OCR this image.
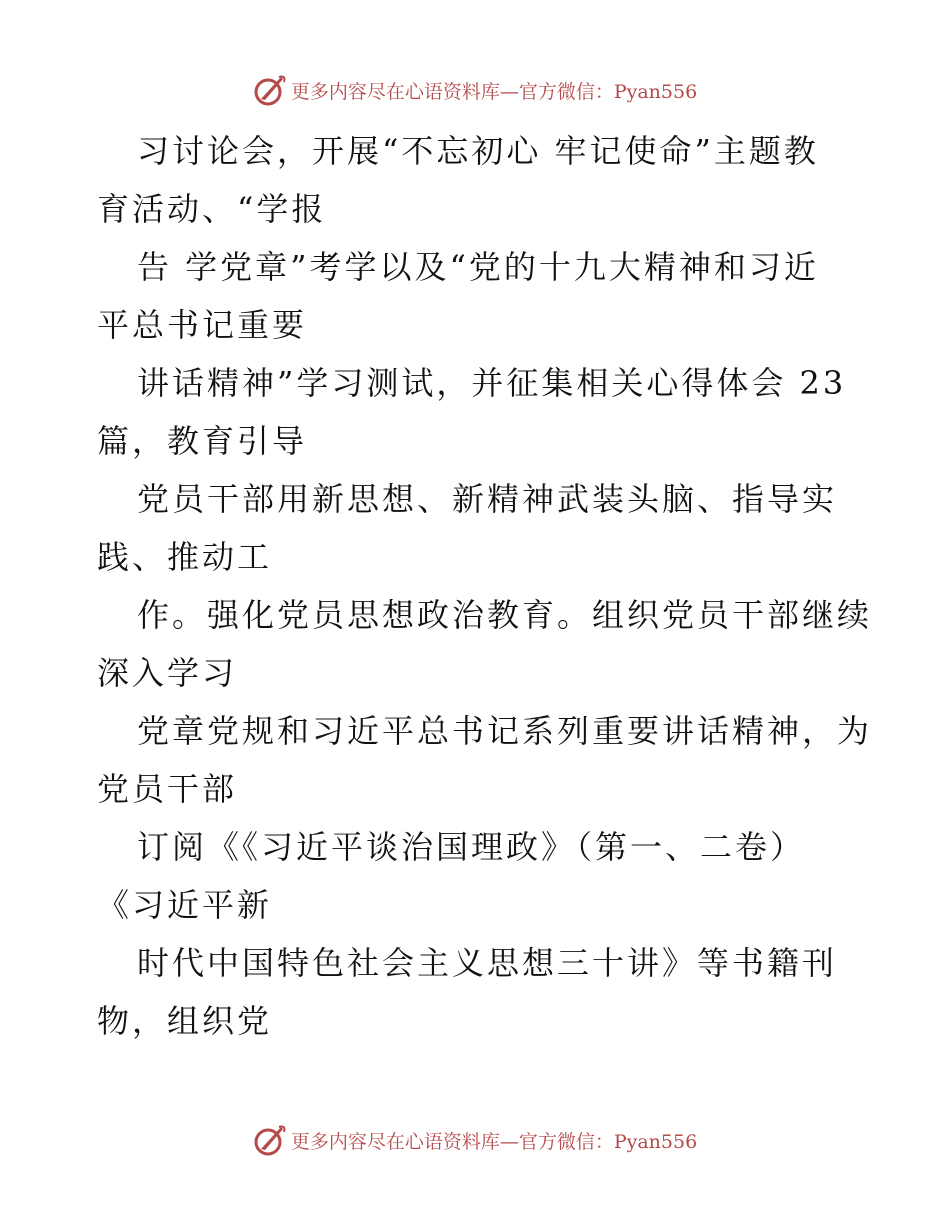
更多内容尽在心语资料库—官方微信：Pyan556
习讨论会，开展“不忘初心 牢记使命”主题教
育活动、“学报
告 学党章”考学以及“党的十九大精神和习近
平总书记重要
讲话精神”学习测试，并征集相关心得体会 23
篇，教育引导
党员干部用新思想、新精神武装头脑、指导实
践、推动工
作。强化党员思想政治教育。组织党员干部继续
深入学习
党章党规和习近平总书记系列重要讲话精神，为
党员干部
订阅《《习近平谈治国理政》（第一、二卷）
《习近平新
时代中国特色社会主义思想三十讲》等书籍刊
物，组织党
更多内容尽在心语资料库—官方微信：Pyan556
